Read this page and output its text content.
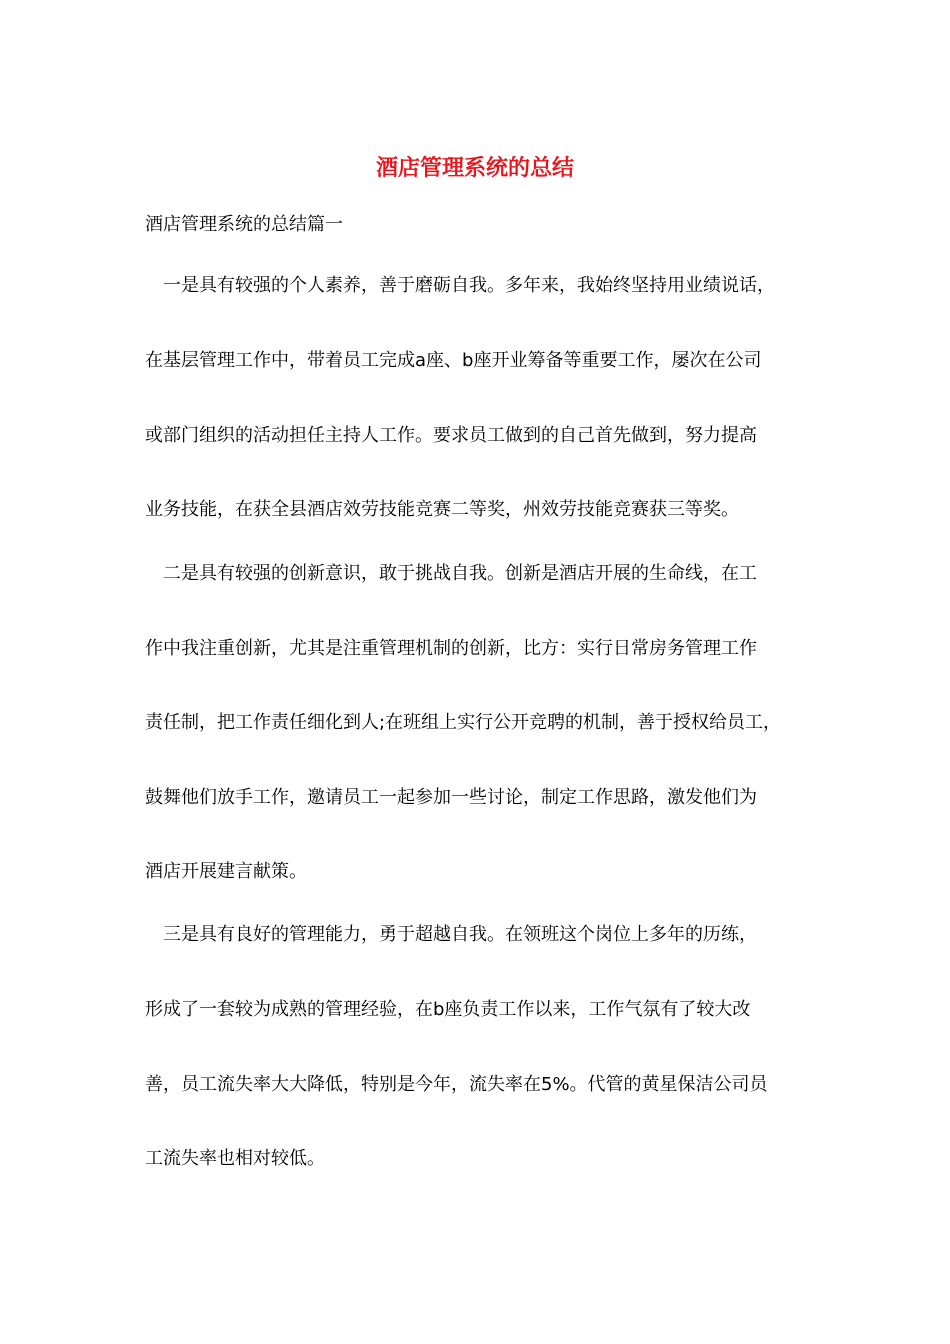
酒店管理系统的总结

酒店管理系统的总结篇一

一是具有较强的个人素养，善于磨砺自我。多年来，我始终坚持用业绩说话，

在基层管理工作中，带着员工完成a座、b座开业筹备等重要工作，屡次在公司

或部门组织的活动担任主持人工作。要求员工做到的自己首先做到，努力提高

业务技能，在获全县酒店效劳技能竞赛二等奖，州效劳技能竞赛获三等奖。

二是具有较强的创新意识，敢于挑战自我。创新是酒店开展的生命线，在工

作中我注重创新，尤其是注重管理机制的创新，比方：实行日常房务管理工作

责任制，把工作责任细化到人;在班组上实行公开竞聘的机制，善于授权给员工，

鼓舞他们放手工作，邀请员工一起参加一些讨论，制定工作思路，激发他们为

酒店开展建言献策。

三是具有良好的管理能力，勇于超越自我。在领班这个岗位上多年的历练，

形成了一套较为成熟的管理经验，在b座负责工作以来，工作气氛有了较大改

善，员工流失率大大降低，特别是今年，流失率在5%。代管的黄星保洁公司员

工流失率也相对较低。
